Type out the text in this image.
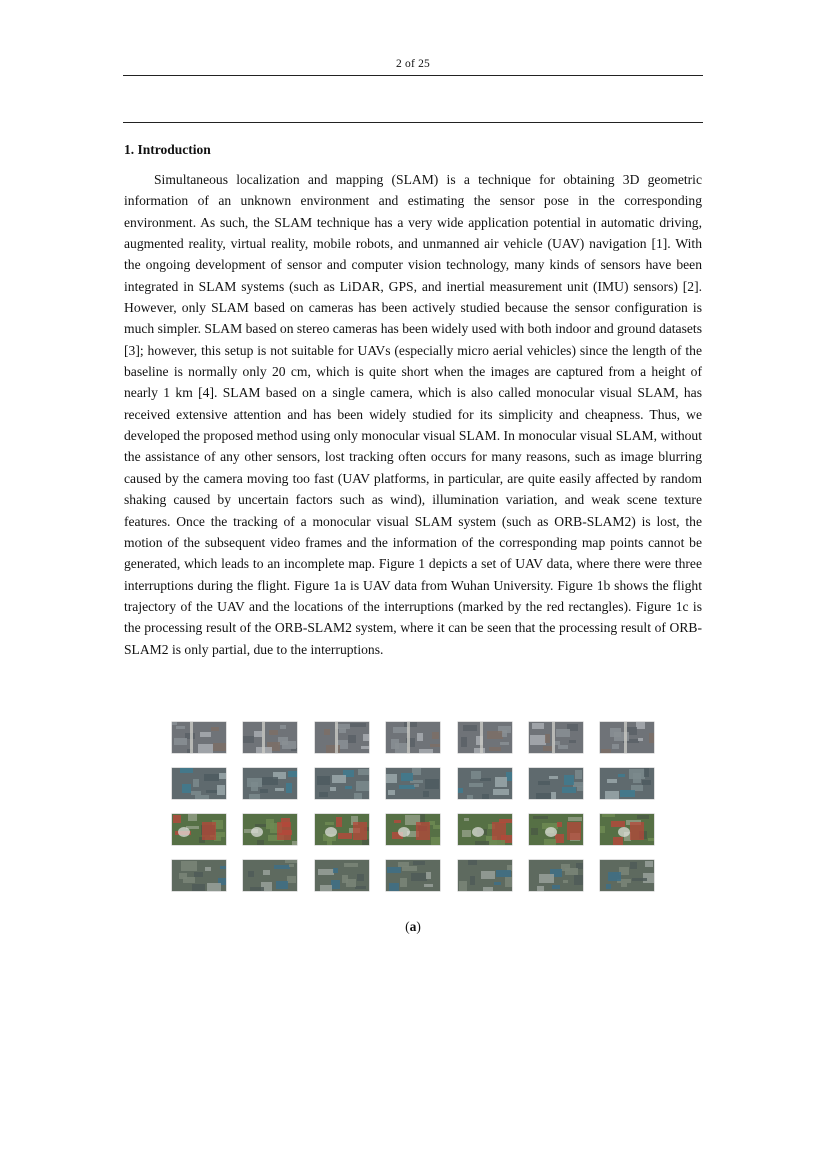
2 of 25
1. Introduction

Simultaneous localization and mapping (SLAM) is a technique for obtaining 3D geometric information of an unknown environment and estimating the sensor pose in the corresponding environment. As such, the SLAM technique has a very wide application potential in automatic driving, augmented reality, virtual reality, mobile robots, and unmanned air vehicle (UAV) navigation [1]. With the ongoing development of sensor and computer vision technology, many kinds of sensors have been integrated in SLAM systems (such as LiDAR, GPS, and inertial measurement unit (IMU) sensors) [2]. However, only SLAM based on cameras has been actively studied because the sensor configuration is much simpler. SLAM based on stereo cameras has been widely used with both indoor and ground datasets [3]; however, this setup is not suitable for UAVs (especially micro aerial vehicles) since the length of the baseline is normally only 20 cm, which is quite short when the images are captured from a height of nearly 1 km [4]. SLAM based on a single camera, which is also called monocular visual SLAM, has received extensive attention and has been widely studied for its simplicity and cheapness. Thus, we developed the proposed method using only monocular visual SLAM. In monocular visual SLAM, without the assistance of any other sensors, lost tracking often occurs for many reasons, such as image blurring caused by the camera moving too fast (UAV platforms, in particular, are quite easily affected by random shaking caused by uncertain factors such as wind), illumination variation, and weak scene texture features. Once the tracking of a monocular visual SLAM system (such as ORB-SLAM2) is lost, the motion of the subsequent video frames and the information of the corresponding map points cannot be generated, which leads to an incomplete map. Figure 1 depicts a set of UAV data, where there were three interruptions during the flight. Figure 1a is UAV data from Wuhan University. Figure 1b shows the flight trajectory of the UAV and the locations of the interruptions (marked by the red rectangles). Figure 1c is the processing result of the ORB-SLAM2 system, where it can be seen that the processing result of ORB-SLAM2 is only partial, due to the interruptions.

(a)
